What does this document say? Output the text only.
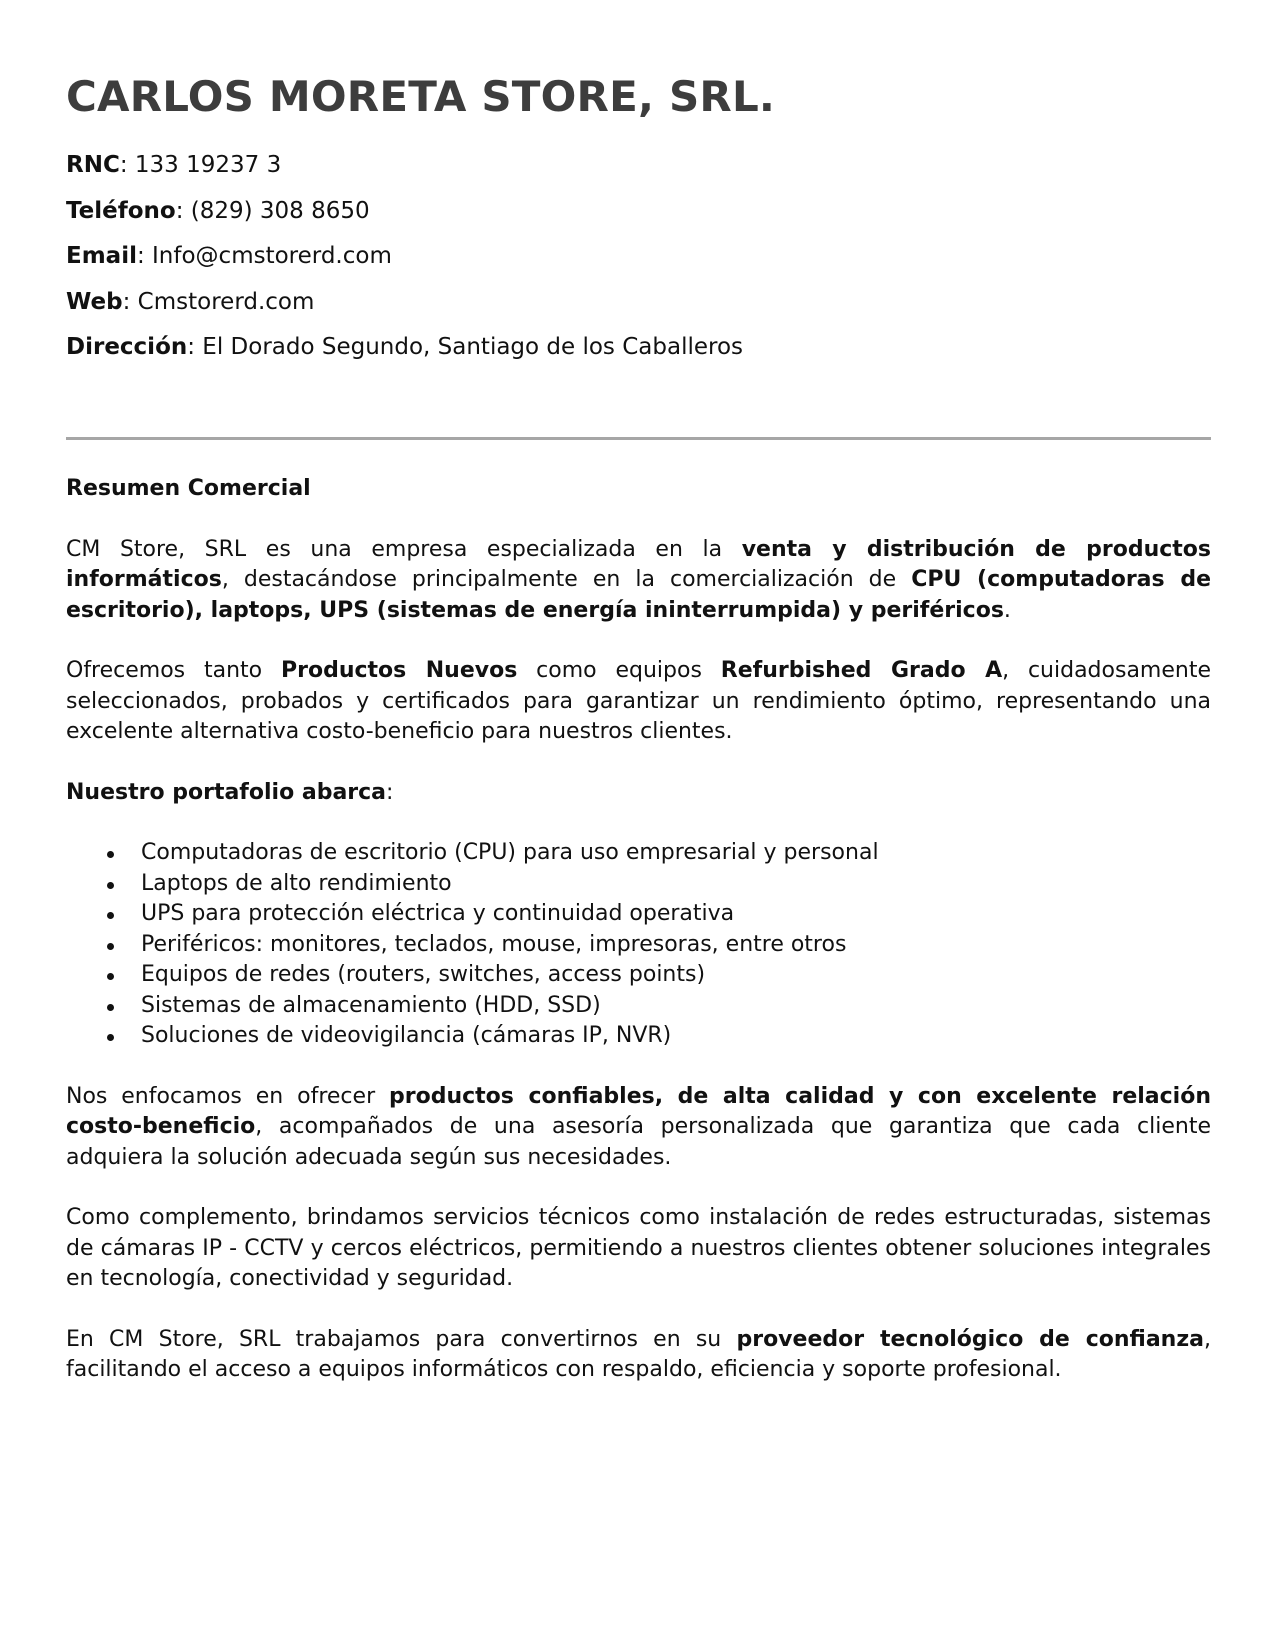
CARLOS MORETA STORE, SRL.
RNC: 133 19237 3
Teléfono: (829) 308 8650
Email: Info@cmstorerd.com
Web: Cmstorerd.com
Dirección: El Dorado Segundo, Santiago de los Caballeros

Resumen Comercial

CM Store, SRL es una empresa especializada en la venta y distribución de productos informáticos, destacándose principalmente en la comercialización de CPU (computadoras de escritorio), laptops, UPS (sistemas de energía ininterrumpida) y periféricos.

Ofrecemos tanto Productos Nuevos como equipos Refurbished Grado A, cuidadosamente seleccionados, probados y certificados para garantizar un rendimiento óptimo, representando una excelente alternativa costo-beneficio para nuestros clientes.

Nuestro portafolio abarca:

Computadoras de escritorio (CPU) para uso empresarial y personal
Laptops de alto rendimiento
UPS para protección eléctrica y continuidad operativa
Periféricos: monitores, teclados, mouse, impresoras, entre otros
Equipos de redes (routers, switches, access points)
Sistemas de almacenamiento (HDD, SSD)
Soluciones de videovigilancia (cámaras IP, NVR)

Nos enfocamos en ofrecer productos confiables, de alta calidad y con excelente relación costo-beneficio, acompañados de una asesoría personalizada que garantiza que cada cliente adquiera la solución adecuada según sus necesidades.

Como complemento, brindamos servicios técnicos como instalación de redes estructuradas, sistemas de cámaras IP - CCTV y cercos eléctricos, permitiendo a nuestros clientes obtener soluciones integrales en tecnología, conectividad y seguridad.

En CM Store, SRL trabajamos para convertirnos en su proveedor tecnológico de confianza, facilitando el acceso a equipos informáticos con respaldo, eficiencia y soporte profesional.
